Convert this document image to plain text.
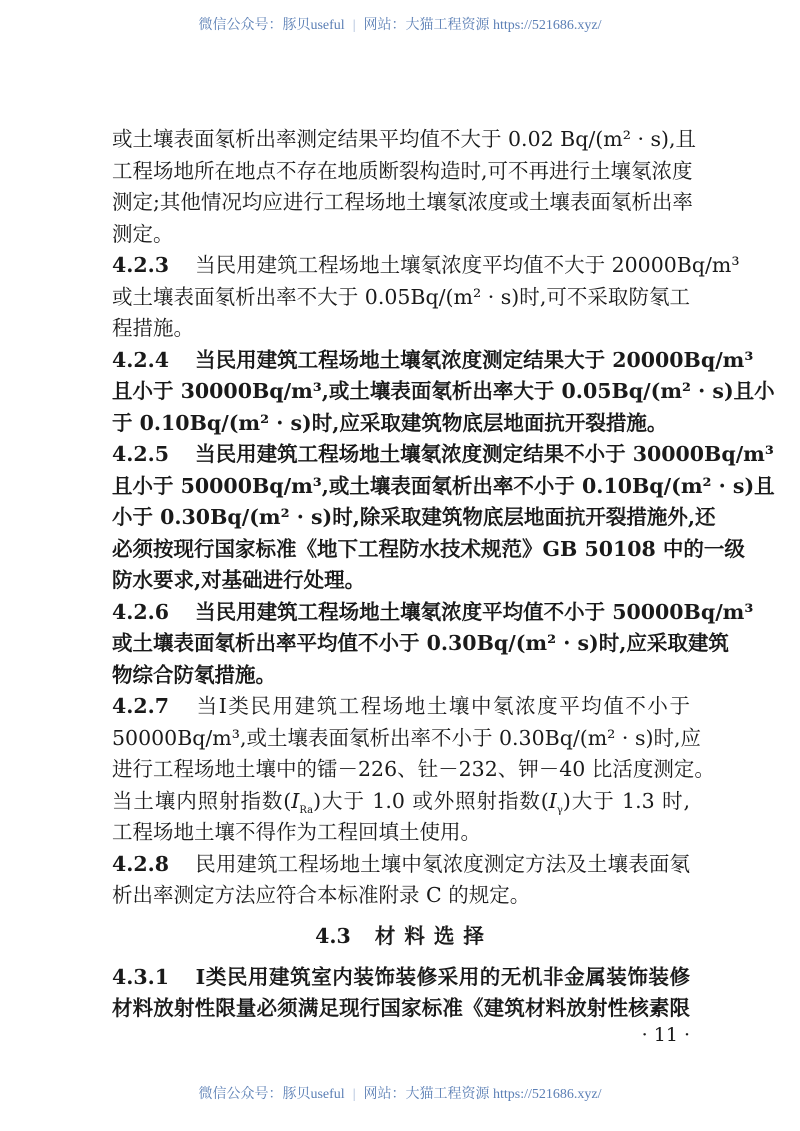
微信公众号：豚贝useful | 网站：大猫工程资源 https://521686.xyz/
或土壤表面氡析出率测定结果平均值不大于 0.02 Bq/(m² · s),且
工程场地所在地点不存在地质断裂构造时,可不再进行土壤氡浓度
测定;其他情况均应进行工程场地土壤氡浓度或土壤表面氡析出率
测定。
4.2.3 当民用建筑工程场地土壤氡浓度平均值不大于 20000Bq/m³
或土壤表面氡析出率不大于 0.05Bq/(m² · s)时,可不采取防氡工
程措施。
4.2.4 当民用建筑工程场地土壤氡浓度测定结果大于 20000Bq/m³
且小于 30000Bq/m³,或土壤表面氡析出率大于 0.05Bq/(m² · s)且小
于 0.10Bq/(m² · s)时,应采取建筑物底层地面抗开裂措施。
4.2.5 当民用建筑工程场地土壤氡浓度测定结果不小于 30000Bq/m³
且小于 50000Bq/m³,或土壤表面氡析出率不小于 0.10Bq/(m² · s)且
小于 0.30Bq/(m² · s)时,除采取建筑物底层地面抗开裂措施外,还
必须按现行国家标准《地下工程防水技术规范》GB 50108 中的一级
防水要求,对基础进行处理。
4.2.6 当民用建筑工程场地土壤氡浓度平均值不小于 50000Bq/m³
或土壤表面氡析出率平均值不小于 0.30Bq/(m² · s)时,应采取建筑
物综合防氡措施。
4.2.7 当Ⅰ类民用建筑工程场地土壤中氡浓度平均值不小于
50000Bq/m³,或土壤表面氡析出率不小于 0.30Bq/(m² · s)时,应
进行工程场地土壤中的镭－226、钍－232、钾－40 比活度测定。
当土壤内照射指数$(I_{Ra})$大于 1.0 或外照射指数$(I_\gamma)$大于 1.3 时,
工程场地土壤不得作为工程回填土使用。
4.2.8 民用建筑工程场地土壤中氡浓度测定方法及土壤表面氡
析出率测定方法应符合本标准附录 C 的规定。
4.3 材料选择
4.3.1 Ⅰ类民用建筑室内装饰装修采用的无机非金属装饰装修
材料放射性限量必须满足现行国家标准《建筑材料放射性核素限
· 11 ·
微信公众号：豚贝useful | 网站：大猫工程资源 https://521686.xyz/
